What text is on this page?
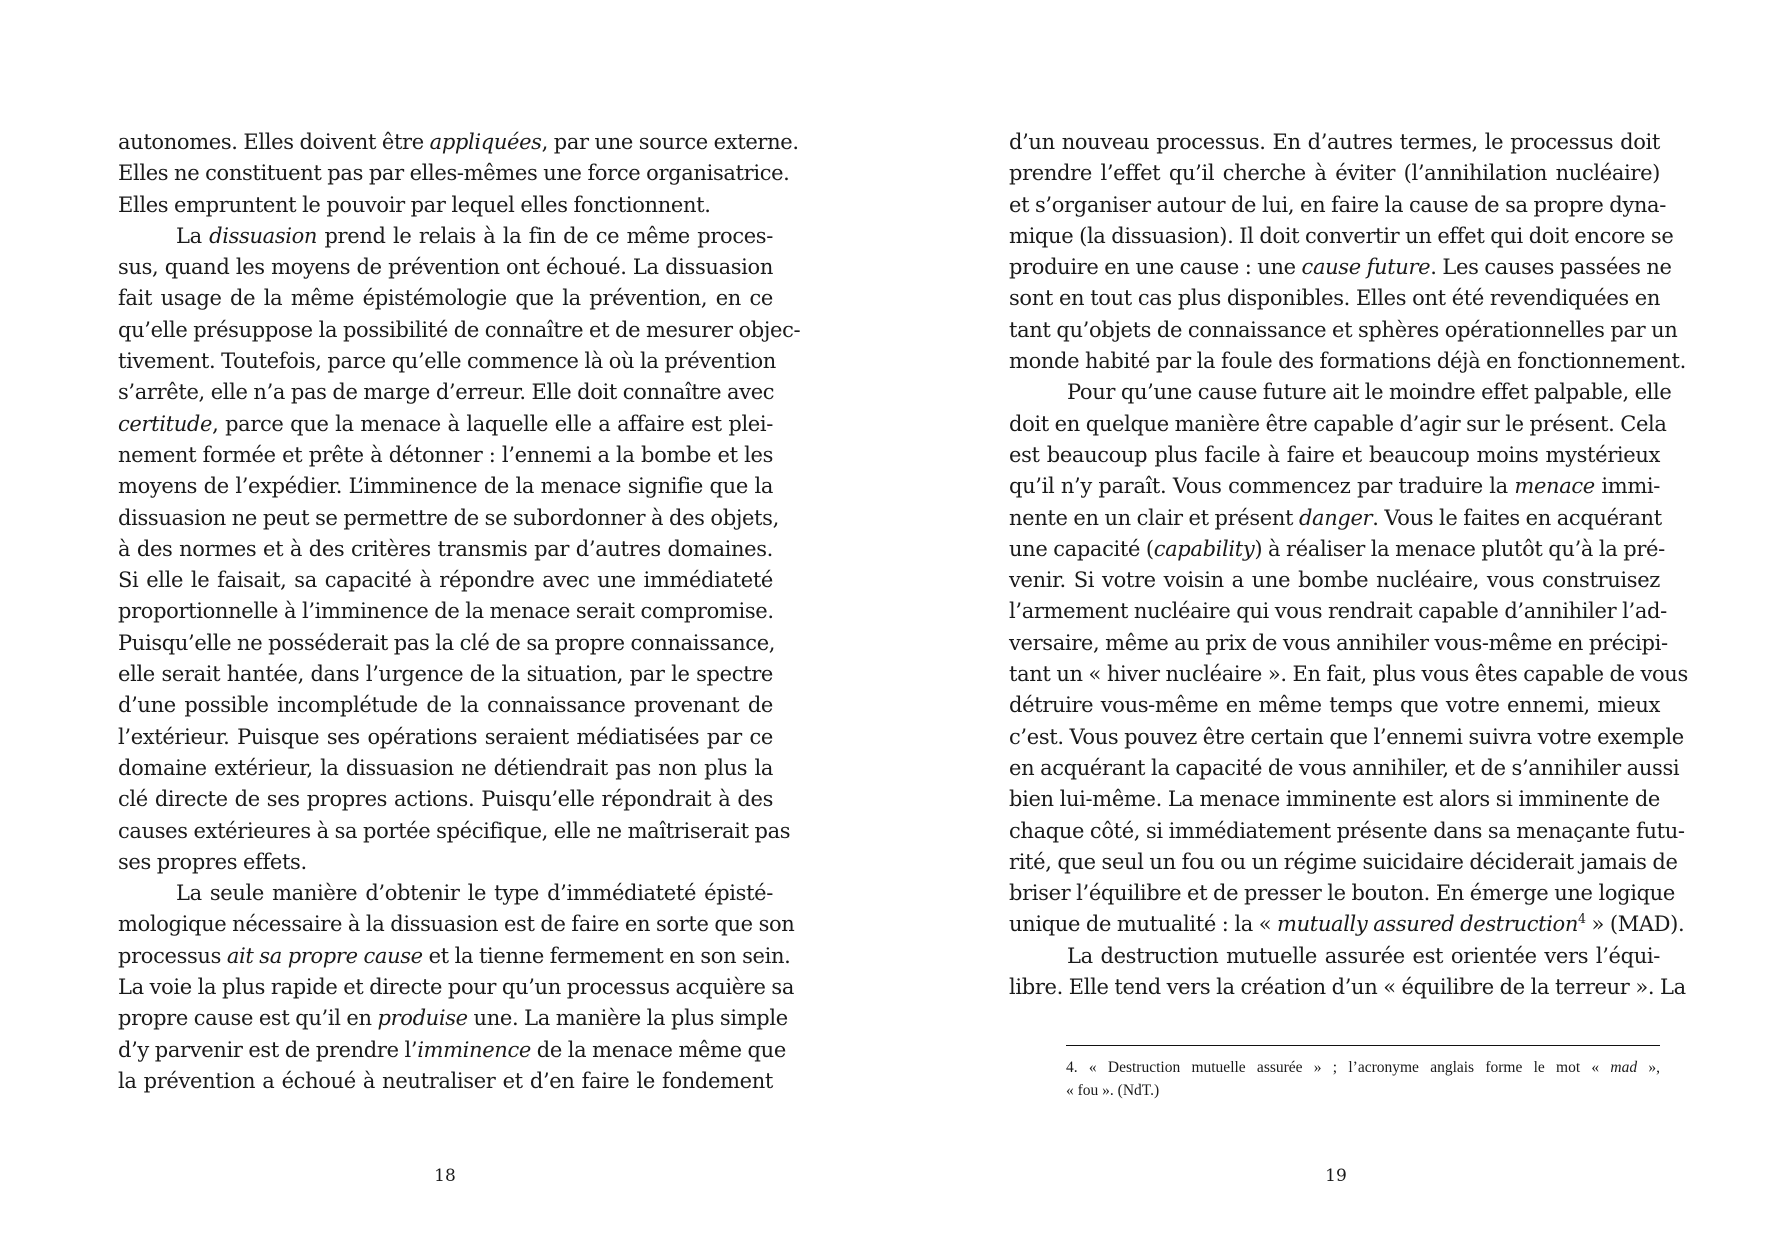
autonomes. Elles doivent être appliquées, par une source externe.
Elles ne constituent pas par elles-mêmes une force organisatrice.
Elles empruntent le pouvoir par lequel elles fonctionnent.
La dissuasion prend le relais à la fin de ce même proces-
sus, quand les moyens de prévention ont échoué. La dissuasion
fait usage de la même épistémologie que la prévention, en ce
qu’elle présuppose la possibilité de connaître et de mesurer objec-
tivement. Toutefois, parce qu’elle commence là où la prévention
s’arrête, elle n’a pas de marge d’erreur. Elle doit connaître avec
certitude, parce que la menace à laquelle elle a affaire est plei-
nement formée et prête à détonner : l’ennemi a la bombe et les
moyens de l’expédier. L’imminence de la menace signifie que la
dissuasion ne peut se permettre de se subordonner à des objets,
à des normes et à des critères transmis par d’autres domaines.
Si elle le faisait, sa capacité à répondre avec une immédiateté
proportionnelle à l’imminence de la menace serait compromise.
Puisqu’elle ne posséderait pas la clé de sa propre connaissance,
elle serait hantée, dans l’urgence de la situation, par le spectre
d’une possible incomplétude de la connaissance provenant de
l’extérieur. Puisque ses opérations seraient médiatisées par ce
domaine extérieur, la dissuasion ne détiendrait pas non plus la
clé directe de ses propres actions. Puisqu’elle répondrait à des
causes extérieures à sa portée spécifique, elle ne maîtriserait pas
ses propres effets.
La seule manière d’obtenir le type d’immédiateté épisté-
mologique nécessaire à la dissuasion est de faire en sorte que son
processus ait sa propre cause et la tienne fermement en son sein.
La voie la plus rapide et directe pour qu’un processus acquière sa
propre cause est qu’il en produise une. La manière la plus simple
d’y parvenir est de prendre l’imminence de la menace même que
la prévention a échoué à neutraliser et d’en faire le fondement
18
d’un nouveau processus. En d’autres termes, le processus doit
prendre l’effet qu’il cherche à éviter (l’annihilation nucléaire)
et s’organiser autour de lui, en faire la cause de sa propre dyna-
mique (la dissuasion). Il doit convertir un effet qui doit encore se
produire en une cause : une cause future. Les causes passées ne
sont en tout cas plus disponibles. Elles ont été revendiquées en
tant qu’objets de connaissance et sphères opérationnelles par un
monde habité par la foule des formations déjà en fonctionnement.
Pour qu’une cause future ait le moindre effet palpable, elle
doit en quelque manière être capable d’agir sur le présent. Cela
est beaucoup plus facile à faire et beaucoup moins mystérieux
qu’il n’y paraît. Vous commencez par traduire la menace immi-
nente en un clair et présent danger. Vous le faites en acquérant
une capacité (capability) à réaliser la menace plutôt qu’à la pré-
venir. Si votre voisin a une bombe nucléaire, vous construisez
l’armement nucléaire qui vous rendrait capable d’annihiler l’ad-
versaire, même au prix de vous annihiler vous-même en précipi-
tant un « hiver nucléaire ». En fait, plus vous êtes capable de vous
détruire vous-même en même temps que votre ennemi, mieux
c’est. Vous pouvez être certain que l’ennemi suivra votre exemple
en acquérant la capacité de vous annihiler, et de s’annihiler aussi
bien lui-même. La menace imminente est alors si imminente de
chaque côté, si immédiatement présente dans sa menaçante futu-
rité, que seul un fou ou un régime suicidaire déciderait jamais de
briser l’équilibre et de presser le bouton. En émerge une logique
unique de mutualité : la « mutually assured destruction$^4$ » (MAD).
La destruction mutuelle assurée est orientée vers l’équi-
libre. Elle tend vers la création d’un « équilibre de la terreur ». La
4. « Destruction mutuelle assurée » ; l’acronyme anglais forme le mot « mad »,
« fou ». (NdT.)
19
